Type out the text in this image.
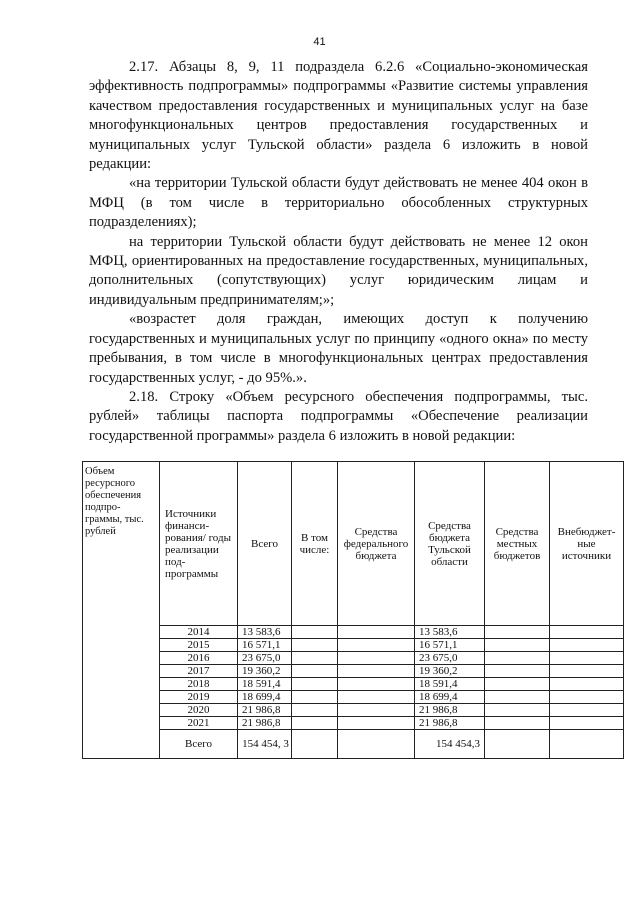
41

2.17. Абзацы 8, 9, 11 подраздела 6.2.6 «Социально-экономическая эффективность подпрограммы» подпрограммы «Развитие системы управления качеством предоставления государственных и муниципальных услуг на базе многофункциональных центров предоставления государственных и муниципальных услуг Тульской области» раздела 6 изложить в новой редакции:

«на территории Тульской области будут действовать не менее 404 окон в МФЦ (в том числе в территориально обособленных структурных подразделениях);

на территории Тульской области будут действовать не менее 12 окон МФЦ, ориентированных на предоставление государственных, муниципальных, дополнительных (сопутствующих) услуг юридическим лицам и индивидуальным предпринимателям;»;

«возрастет доля граждан, имеющих доступ к получению государственных и муниципальных услуг по принципу «одного окна» по месту пребывания, в том числе в многофункциональных центрах предоставления государственных услуг, - до 95%.».

2.18. Строку «Объем ресурсного обеспечения подпрограммы, тыс. рублей» таблицы паспорта подпрограммы «Обеспечение реализации государственной программы» раздела 6 изложить в новой редакции:

Объем ресурсного обеспечения подпро-граммы, тыс. рублей	Источники финанси-рования/ годы реализации под-программы	Всего	В том числе:	Средства федерального бюджета	Средства бюджета Тульской области	Средства местных бюджетов	Внебюджет-ные источники
	2014	13 583,6			13 583,6		
	2015	16 571,1			16 571,1		
	2016	23 675,0			23 675,0		
	2017	19 360,2			19 360,2		
	2018	18 591,4			18 591,4		
	2019	18 699,4			18 699,4		
	2020	21 986,8			21 986,8		
	2021	21 986,8			21 986,8		
	Всего	154 454, 3			154 454,3		
